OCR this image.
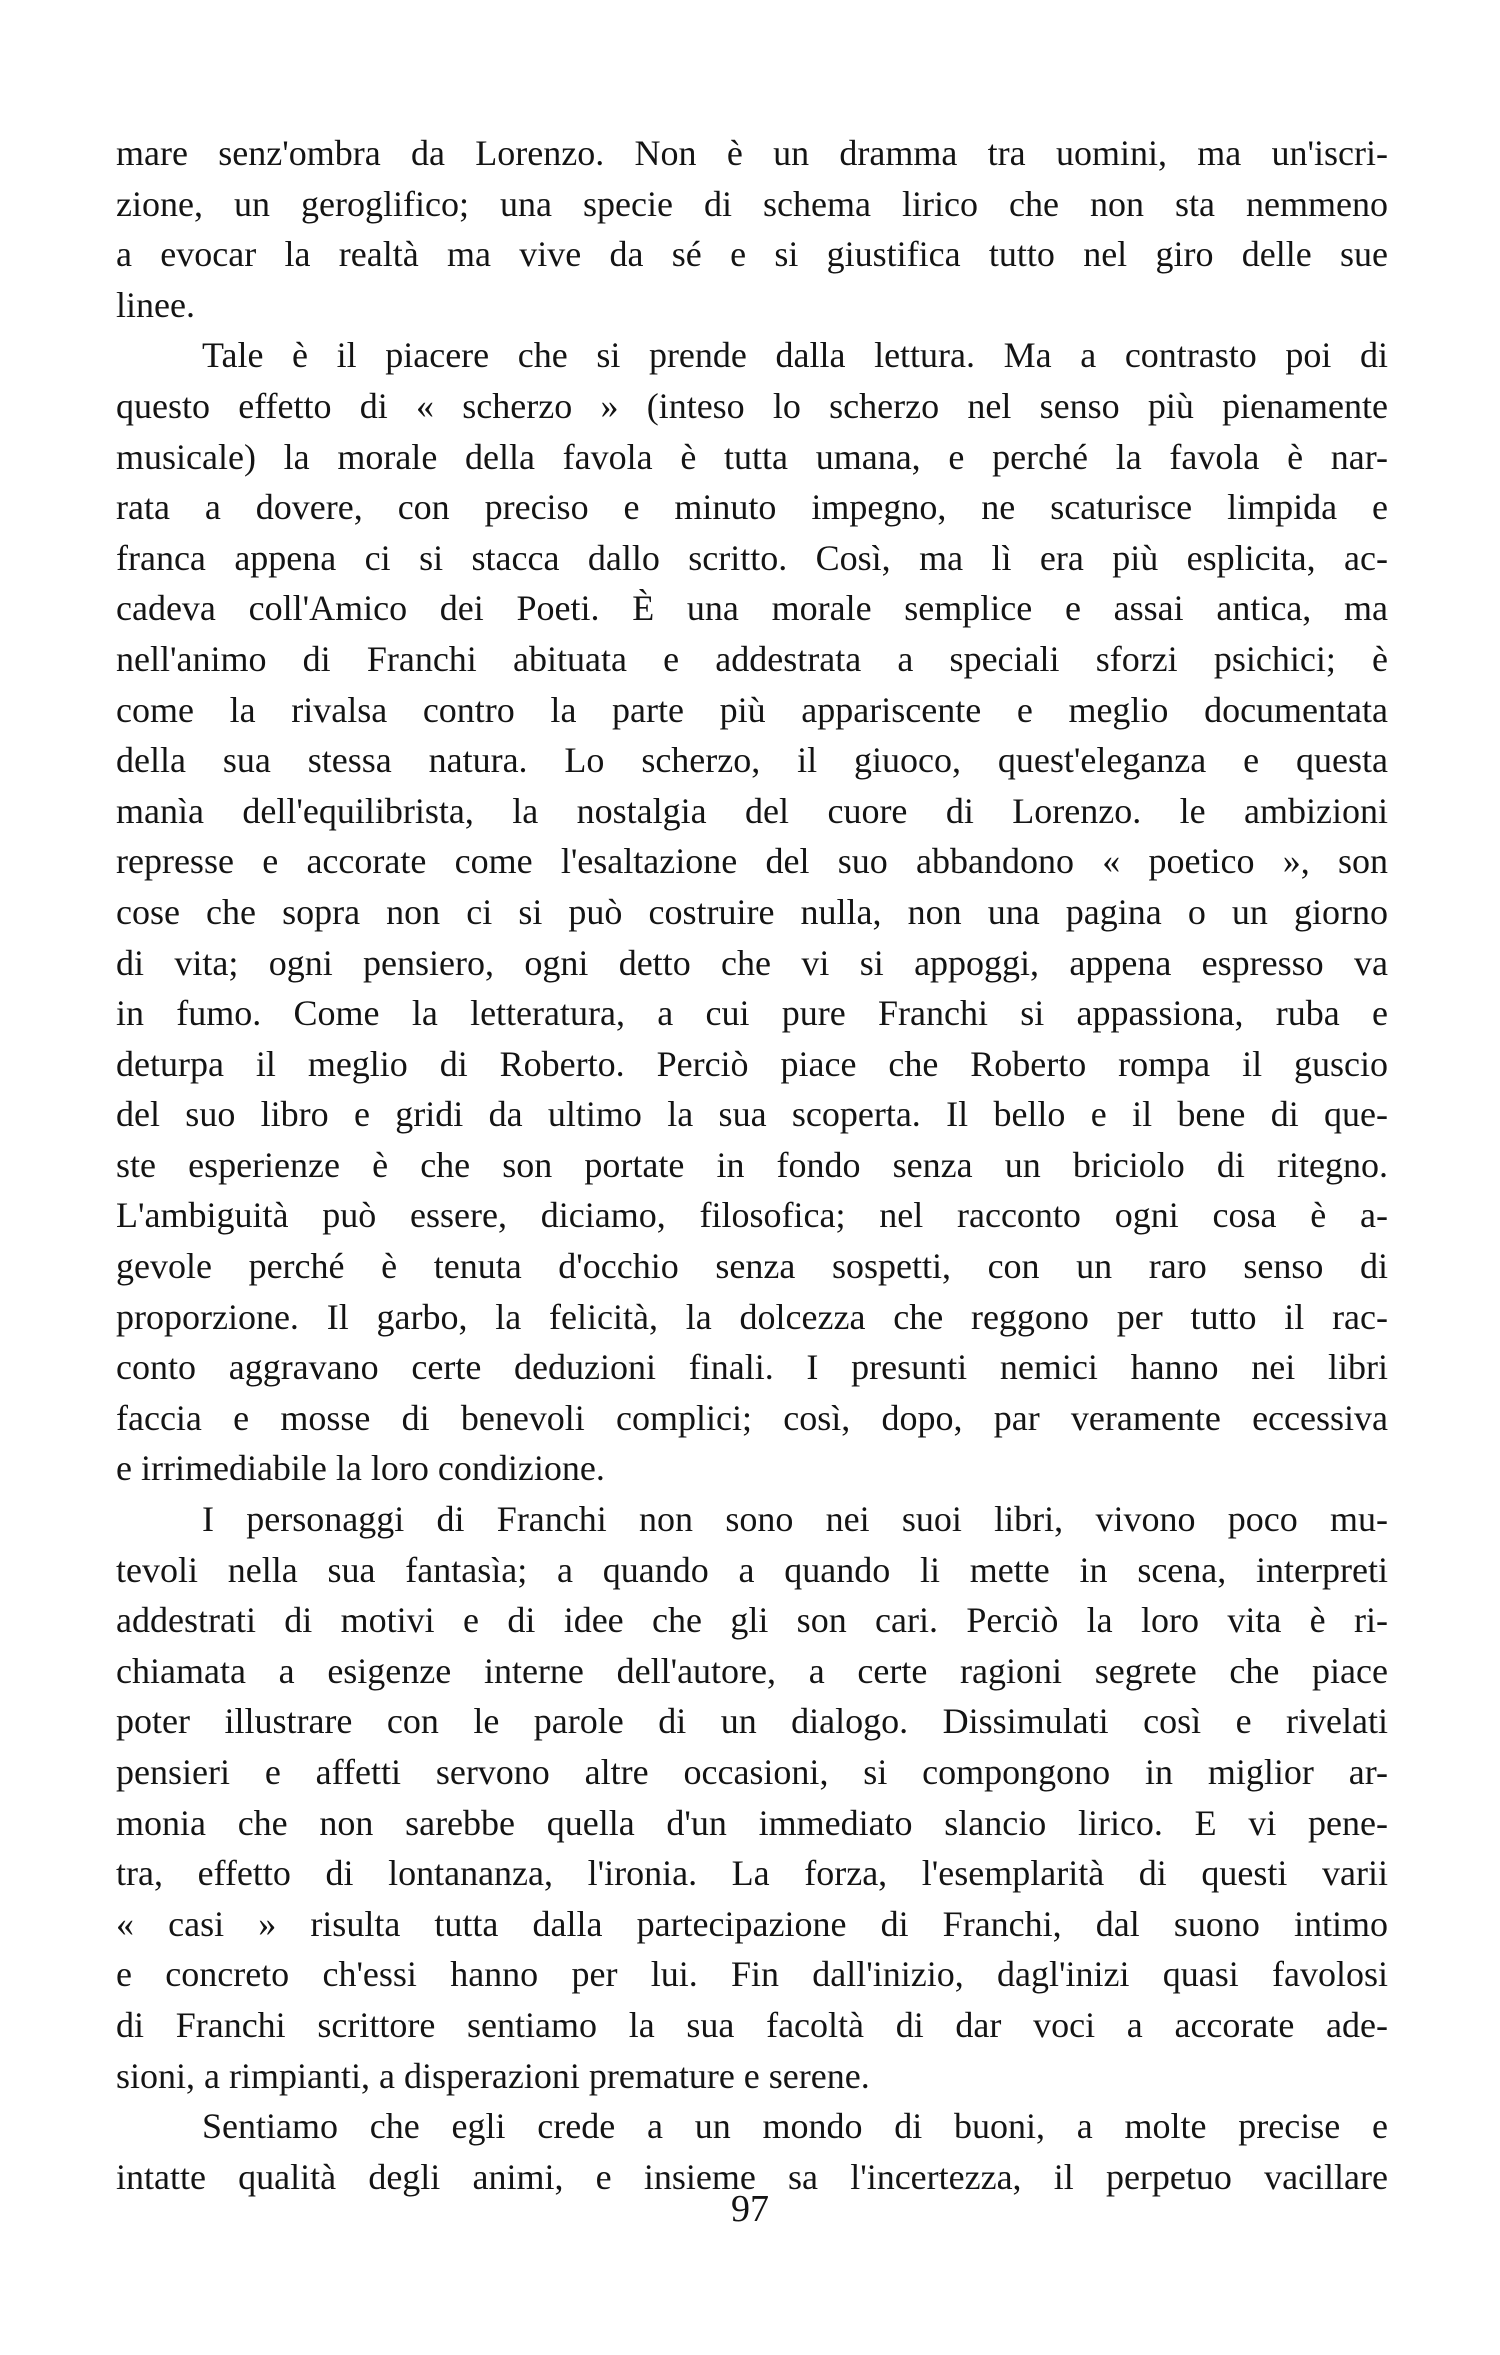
mare senz'ombra da Lorenzo. Non è un dramma tra uomini, ma un'iscri-
zione, un geroglifico; una specie di schema lirico che non sta nemmeno
a evocar la realtà ma vive da sé e si giustifica tutto nel giro delle sue
linee.
Tale è il piacere che si prende dalla lettura. Ma a contrasto poi di
questo effetto di « scherzo » (inteso lo scherzo nel senso più pienamente
musicale) la morale della favola è tutta umana, e perché la favola è nar-
rata a dovere, con preciso e minuto impegno, ne scaturisce limpida e
franca appena ci si stacca dallo scritto. Così, ma lì era più esplicita, ac-
cadeva coll'Amico dei Poeti. È una morale semplice e assai antica, ma
nell'animo di Franchi abituata e addestrata a speciali sforzi psichici; è
come la rivalsa contro la parte più appariscente e meglio documentata
della sua stessa natura. Lo scherzo, il giuoco, quest'eleganza e questa
manìa dell'equilibrista, la nostalgia del cuore di Lorenzo. le ambizioni
represse e accorate come l'esaltazione del suo abbandono « poetico », son
cose che sopra non ci si può costruire nulla, non una pagina o un giorno
di vita; ogni pensiero, ogni detto che vi si appoggi, appena espresso va
in fumo. Come la letteratura, a cui pure Franchi si appassiona, ruba e
deturpa il meglio di Roberto. Perciò piace che Roberto rompa il guscio
del suo libro e gridi da ultimo la sua scoperta. Il bello e il bene di que-
ste esperienze è che son portate in fondo senza un briciolo di ritegno.
L'ambiguità può essere, diciamo, filosofica; nel racconto ogni cosa è a-
gevole perché è tenuta d'occhio senza sospetti, con un raro senso di
proporzione. Il garbo, la felicità, la dolcezza che reggono per tutto il rac-
conto aggravano certe deduzioni finali. I presunti nemici hanno nei libri
faccia e mosse di benevoli complici; così, dopo, par veramente eccessiva
e irrimediabile la loro condizione.
I personaggi di Franchi non sono nei suoi libri, vivono poco mu-
tevoli nella sua fantasìa; a quando a quando li mette in scena, interpreti
addestrati di motivi e di idee che gli son cari. Perciò la loro vita è ri-
chiamata a esigenze interne dell'autore, a certe ragioni segrete che piace
poter illustrare con le parole di un dialogo. Dissimulati così e rivelati
pensieri e affetti servono altre occasioni, si compongono in miglior ar-
monia che non sarebbe quella d'un immediato slancio lirico. E vi pene-
tra, effetto di lontananza, l'ironia. La forza, l'esemplarità di questi varii
« casi » risulta tutta dalla partecipazione di Franchi, dal suono intimo
e concreto ch'essi hanno per lui. Fin dall'inizio, dagl'inizi quasi favolosi
di Franchi scrittore sentiamo la sua facoltà di dar voci a accorate ade-
sioni, a rimpianti, a disperazioni premature e serene.
Sentiamo che egli crede a un mondo di buoni, a molte precise e
intatte qualità degli animi, e insieme sa l'incertezza, il perpetuo vacillare
97
